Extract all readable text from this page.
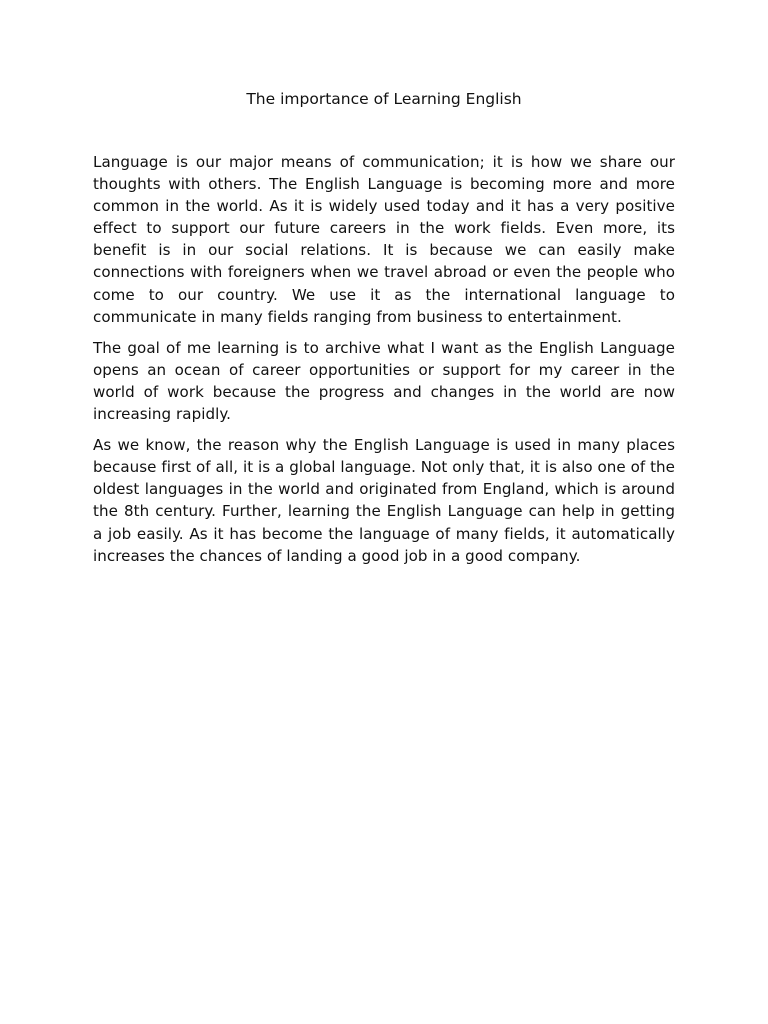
The importance of Learning English

Language is our major means of communication; it is how we share our thoughts with others. The English Language is becoming more and more common in the world. As it is widely used today and it has a very positive effect to support our future careers in the work fields. Even more, its benefit is in our social relations. It is because we can easily make connections with foreigners when we travel abroad or even the people who come to our country. We use it as the international language to communicate in many fields ranging from business to entertainment.

The goal of me learning is to archive what I want as the English Language opens an ocean of career opportunities or support for my career in the world of work because the progress and changes in the world are now increasing rapidly.

As we know, the reason why the English Language is used in many places because first of all, it is a global language. Not only that, it is also one of the oldest languages in the world and originated from England, which is around the 8th century. Further, learning the English Language can help in getting a job easily. As it has become the language of many fields, it automatically increases the chances of landing a good job in a good company.
